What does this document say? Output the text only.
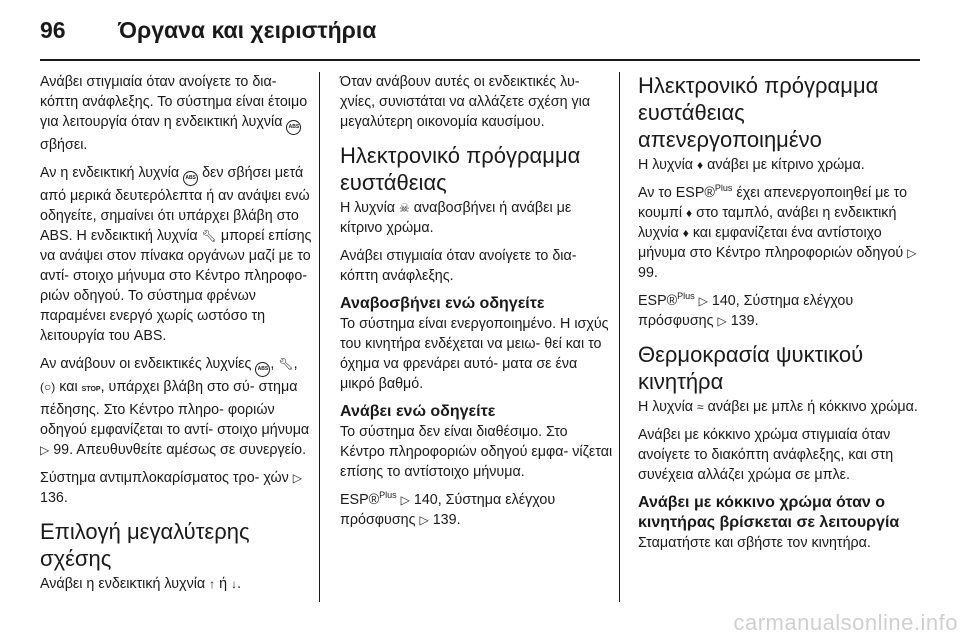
96 Όργανα και χειριστήρια

Ανάβει στιγμιαία όταν ανοίγετε το δια- κόπτη ανάφλεξης. Το σύστημα είναι έτοιμο για λειτουργία όταν η ενδεικτική λυχνία ABS σβήσει.

Αν η ενδεικτική λυχνία ABS δεν σβήσει μετά από μερικά δευτερόλεπτα ή αν ανάψει ενώ οδηγείτε, σημαίνει ότι υπάρχει βλάβη στο ABS. Η ενδεικτική λυχνία 🔧︎ μπορεί επίσης να ανάψει στον πίνακα οργάνων μαζί με το αντί- στοιχο μήνυμα στο Κέντρο πληροφο- ριών οδηγού. Το σύστημα φρένων παραμένει ενεργό χωρίς ωστόσο τη λειτουργία του ABS.

Αν ανάβουν οι ενδεικτικές λυχνίες ABS , 🔧︎, (○) και STOP, υπάρχει βλάβη στο σύ- στημα πέδησης. Στο Κέντρο πληρο- φοριών οδηγού εμφανίζεται το αντί- στοιχο μήνυμα ▷ 99. Απευθυνθείτε αμέσως σε συνεργείο.

Σύστημα αντιμπλοκαρίσματος τρο- χών ▷ 136.

Επιλογή μεγαλύτερης σχέσης

Ανάβει η ενδεικτική λυχνία ↑ ή ↓.

Όταν ανάβουν αυτές οι ενδεικτικές λυ- χνίες, συνιστάται να αλλάζετε σχέση για μεγαλύτερη οικονομία καυσίμου.

Ηλεκτρονικό πρόγραμμα ευστάθειας

Η λυχνία ☠︎ αναβοσβήνει ή ανάβει με κίτρινο χρώμα.

Ανάβει στιγμιαία όταν ανοίγετε το δια- κόπτη ανάφλεξης.

Αναβοσβήνει ενώ οδηγείτε

Το σύστημα είναι ενεργοποιημένο. Η ισχύς του κινητήρα ενδέχεται να μειω- θεί και το όχημα να φρενάρει αυτό- ματα σε ένα μικρό βαθμό.

Ανάβει ενώ οδηγείτε

Το σύστημα δεν είναι διαθέσιμο. Στο Κέντρο πληροφοριών οδηγού εμφα- νίζεται επίσης το αντίστοιχο μήνυμα.

ESP®$^{Plus}$ ▷ 140, Σύστημα ελέγχου πρόσφυσης ▷ 139.

Ηλεκτρονικό πρόγραμμα ευστάθειας απενεργοποιημένο

Η λυχνία ♦ ανάβει με κίτρινο χρώμα.

Αν το ESP®$^{Plus}$ έχει απενεργοποιηθεί με το κουμπί ♦ στο ταμπλό, ανάβει η ενδεικτική λυχνία ♦ και εμφανίζεται ένα αντίστοιχο μήνυμα στο Κέντρο πληροφοριών οδηγού ▷ 99.

ESP®$^{Plus}$ ▷ 140, Σύστημα ελέγχου πρόσφυσης ▷ 139.

Θερμοκρασία ψυκτικού κινητήρα

Η λυχνία ≈ ανάβει με μπλε ή κόκκινο χρώμα.

Ανάβει με κόκκινο χρώμα στιγμιαία όταν ανοίγετε το διακόπτη ανάφλεξης, και στη συνέχεια αλλάζει χρώμα σε μπλε.

Ανάβει με κόκκινο χρώμα όταν ο κινητήρας βρίσκεται σε λειτουργία

Σταματήστε και σβήστε τον κινητήρα.

carmanualsonline.info
